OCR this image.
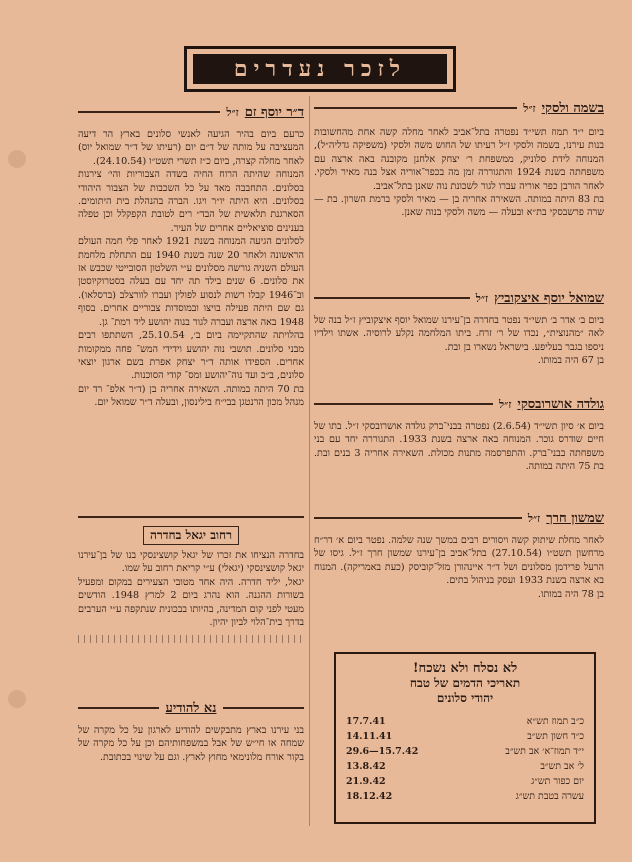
לזכר נעדרים
בשמה ולסקי
ז״ל

ביום י״ד תמוז תשי״ד נפטרה בתל־אביב לאחר מחלה קשה אחת מהחשובות בנות עירנו, בשמה ולסקי ז״ל רעיתו של החוש משה ולסקי (משפיקה גדליה״ל), המנוחה לידת סלוניק, ממשפחת ר׳ יצחק אלחנן מקובנה באה ארצה עם משפחתה בשנת 1924 והתגוררה זמן מה בכפר־אוריה אצל בנה מאיר ולסקי. לאחר הורבן כפר אוריה עברו לגור לשכונת נוה שאנן בתל־אביב.

בת 83 היתה במותה. השאירה אחריה בן — מאיר ולסקי ברמת השרון. בת — שרה פרשבסקי בת״א ובעלה — משה ולסקי בנוה שאנן.

שמואל יוסף איצקוביץ
ז״ל

ביום ב׳ אדר ב׳ תשי״ד נפטר בחדרה בן־עירנו שמואל יוסף איצקוביץ ז״ל בנה של לאה ״מהנוצית״, נכדו של ר׳ זרח. ביתו המלחמה נקלע לרוסיה. אשתו וילדיו ניספו בגבר בעליפע. בישראל נשארו בן ובת.

בן 67 היה במותו.

גולדה אושרובסקי
ז״ל

ביום א׳ סיון תשי״ד (2.6.54) נפטרה בבני־ברק גולדה אושרובסקי ז״ל. בתו של חיים שודרס גוכר. המנוחה באה ארצה בשנת 1933. התגוררה יחד עם בני משפחתה בבני־ברק. והתפרסמה מתנות מכולת. השאירה אחריה 3 בנים ובת. בת 75 היתה במותה.

שמשון חרך
ז״ל

לאחר מחלת שיתוק קשה ויסורים רבים במשך שנה שלמה. נפטר ביום א׳ דר״ח מרחשון תשט״ו (27.10.54) בתל־אביב בן־עירנו שמשון חרך ז״ל. גיסו של הרעל פרידמן מסלונים ושל ד״ר איינהורן מזל־קוביסק (כעת באמריקה). המנוח בא ארצה בשנת 1933 ועסק בניהול בתים.

בן 78 היה במותו.

ד״ר יוסף זם
ז״ל

כרעם ביום בהיר הגיעה לאנשי סלונים בארץ הר דיעה המעציבה על מותה של ד״ם יום (רעיתו של ד״ר שמואל יוס) לאחר מחלה קצרה, ביום כ״ז תשרי תשט״ו (24.10.54).

המנוחה שהיתה הרוח החיה בשדה הצבוריות והי׳ צירנות בסלונים. התחבבה מאד על כל השכבות של הצבור היהודי בסלונים. היא היתה יו״ר ויגו. הברה בהנהלת בית היתומים. הסארגנת תלאשית של הבד״ רים לטובת הקפקלל וכן טפלה בענינים סוציאליים אחרים של העיר.

לסלונים הגיעה המנוחה בשנת 1921 לאחר פלי חמה העולם הראשונה ולאחר 20 שנה בשנת 1940 עם התחלת מלחמת העולם השניה גורשה מסלונים ע״י השלטון הסובייטי שכבש אז את סלונים. 6 שנים בילד תה יחד עם בעלה בסטרוקיוסטן וב־1946 קבלו רשות לנסוע לפולין ועברו לוורצלב (ברסלאו). גם שם היתה פעילה בויצו ובמוסדות צבוריים אחרים. בסוף 1948 באה ארצה ועברה לגור בנוה יהושע ליד רמת־ גן.

בהלויתה שהתקיימה ביום ב׳, 25.10.54, השתתפו רבים מבני סלונים. תושבי נוה יהושע וידידי המש־ פחה ממקומות אחרים. הספידו אותה ד״ר יצחק אפרת בשם ארגון יוצאי סלונים, ב״כ ועד נוה־יהושע ומס־ קודי הסוכנות.

בת 70 היתה במותה. השאירה אחריה בן (ד״ר אלפ־ רד יום מנהל מכון הרנטגן בבי״ח בילינסון, ובעלה ד״ר שמואל יום.

רחוב יגאל בחדרה

בחדרה הנציחו את זכרו של יגאל קושצינסקי בנו של בן־עירנו יגאל קושצינסקי (יגאלי) ע״י קריאת רחוב על שמו.

יגאל, יליד חדרה. היה אחד מטובי הצעירים במקום ומפעיל בשורות ההגנה. הוא נהרג ביום 2 למרץ 1948. הודשים מעטי לפני קום המדינה, בהיותו בבכונית שנתקפה ע״י הערבים בדרך בית־הלוי לביון יהיון.

נא להודיע

בני עירנו בארץ מתבקשים להודיע לארגון על כל מקרה של שמחה או חי״ש של אבל במשפחותיהם וכן על כל מקרה של בקור אורח מלונימאי מחוץ לארץ. וגם על שינוי בכתובת.

לא נסלח ולא נשכח!
תאריכי הדמים של טבח
יהודי סלונים
כ״ב תמוז תש״א	17.7.41
כ״ד חשון תש״ב	14.11.41
י״ד תמוז־א׳ אב תש״ב	29.6—15.7.42
ל׳ אב תש״ב	13.8.42
יום כפור תש״ג	21.9.42
עשרה בטבת תש״ג	18.12.42
